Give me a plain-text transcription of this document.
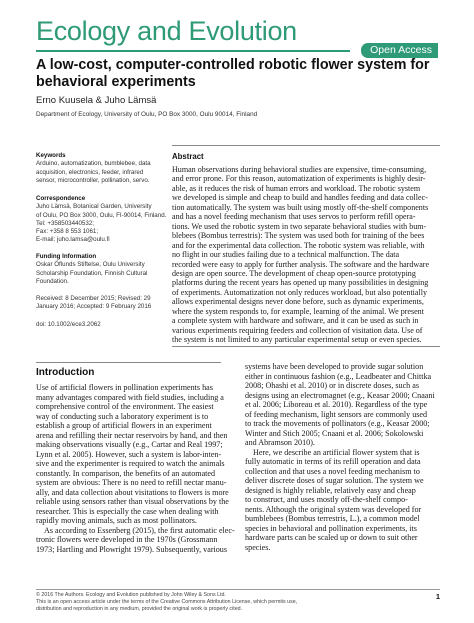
Ecology and Evolution
Open Access
A low-cost, computer-controlled robotic flower system for behavioral experiments
Erno Kuusela & Juho Lämsä
Department of Ecology, University of Oulu, PO Box 3000, Oulu 90014, Finland
Keywords
Arduino, automatization, bumblebee, data
acquisition, electronics, feeder, infrared
sensor, microcontroller, pollination, servo.
Correspondence
Juho Lämsä, Botanical Garden, University
of Oulu, PO Box 3000, Oulu, FI-90014, Finland.
Tel: +358503440532;
Fax: +358 8 553 1061;
E-mail: juho.lamsa@oulu.fi
Funding Information
Oskar Öflunds Stiftelse, Oulu University
Scholarship Foundation, Finnish Cultural
Foundation.
Received: 8 December 2015; Revised: 29
January 2016; Accepted: 9 February 2016
doi: 10.1002/ece3.2062
Abstract
Human observations during behavioral studies are expensive, time-consuming,
and error prone. For this reason, automatization of experiments is highly desir-
able, as it reduces the risk of human errors and workload. The robotic system
we developed is simple and cheap to build and handles feeding and data collec-
tion automatically. The system was built using mostly off-the-shelf components
and has a novel feeding mechanism that uses servos to perform refill opera-
tions. We used the robotic system in two separate behavioral studies with bum-
blebees (Bombus terrestris): The system was used both for training of the bees
and for the experimental data collection. The robotic system was reliable, with
no flight in our studies failing due to a technical malfunction. The data
recorded were easy to apply for further analysis. The software and the hardware
design are open source. The development of cheap open-source prototyping
platforms during the recent years has opened up many possibilities in designing
of experiments. Automatization not only reduces workload, but also potentially
allows experimental designs never done before, such as dynamic experiments,
where the system responds to, for example, learning of the animal. We present
a complete system with hardware and software, and it can be used as such in
various experiments requiring feeders and collection of visitation data. Use of
the system is not limited to any particular experimental setup or even species.
Introduction
Use of artificial flowers in pollination experiments has
many advantages compared with field studies, including a
comprehensive control of the environment. The easiest
way of conducting such a laboratory experiment is to
establish a group of artificial flowers in an experiment
arena and refilling their nectar reservoirs by hand, and then
making observations visually (e.g., Cartar and Real 1997;
Lynn et al. 2005). However, such a system is labor-inten-
sive and the experimenter is required to watch the animals
constantly. In comparison, the benefits of an automated
system are obvious: There is no need to refill nectar manu-
ally, and data collection about visitations to flowers is more
reliable using sensors rather than visual observations by the
researcher. This is especially the case when dealing with
rapidly moving animals, such as most pollinators.
As according to Essenberg (2015), the first automatic elec-
tronic flowers were developed in the 1970s (Grossmann
1973; Hartling and Plowright 1979). Subsequently, various
systems have been developed to provide sugar solution
either in continuous fashion (e.g., Leadbeater and Chittka
2008; Ohashi et al. 2010) or in discrete doses, such as
designs using an electromagnet (e.g., Keasar 2000; Cnaani
et al. 2006; Liboreau et al. 2010). Regardless of the type
of feeding mechanism, light sensors are commonly used
to track the movements of pollinators (e.g., Keasar 2000;
Winter and Stich 2005; Cnaani et al. 2006; Sokolowski
and Abramson 2010).
Here, we describe an artificial flower system that is
fully automatic in terms of its refill operation and data
collection and that uses a novel feeding mechanism to
deliver discrete doses of sugar solution. The system we
designed is highly reliable, relatively easy and cheap
to construct, and uses mostly off-the-shelf compo-
nents. Although the original system was developed for
bumblebees (Bombus terrestris, L.), a common model
species in behavioral and pollination experiments, its
hardware parts can be scaled up or down to suit other
species.
© 2016 The Authors. Ecology and Evolution published by John Wiley & Sons Ltd.
This is an open access article under the terms of the Creative Commons Attribution License, which permits use,
distribution and reproduction in any medium, provided the original work is properly cited.
1
